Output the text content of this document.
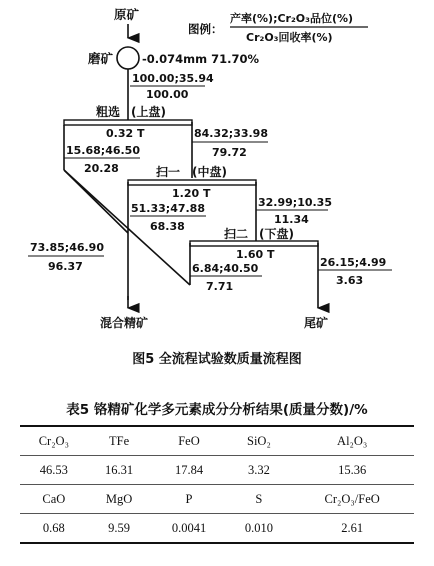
图例：
产率(%);Cr₂O₃品位(%)
Cr₂O₃回收率(%)
原矿
磨矿	-0.074mm 71.70%
100.00;35.94
100.00
粗选 (上盘)
0.32 T
15.68;46.50
20.28
84.32;33.98
79.72
扫一 (中盘)
1.20 T
51.33;47.88
68.38
32.99;10.35
11.34
扫二 (下盘)
1.60 T
6.84;40.50
7.71
26.15;4.99
3.63
73.85;46.90
96.37
混合精矿	尾矿
图5 全流程试验数质量流程图
表5 铬精矿化学多元素成分分析结果(质量分数)/%
Cr₂O₃	TFe	FeO	SiO₂	Al₂O₃
46.53	16.31	17.84	3.32	15.36
CaO	MgO	P	S	Cr₂O₃/FeO
0.68	9.59	0.0041	0.010	2.61
